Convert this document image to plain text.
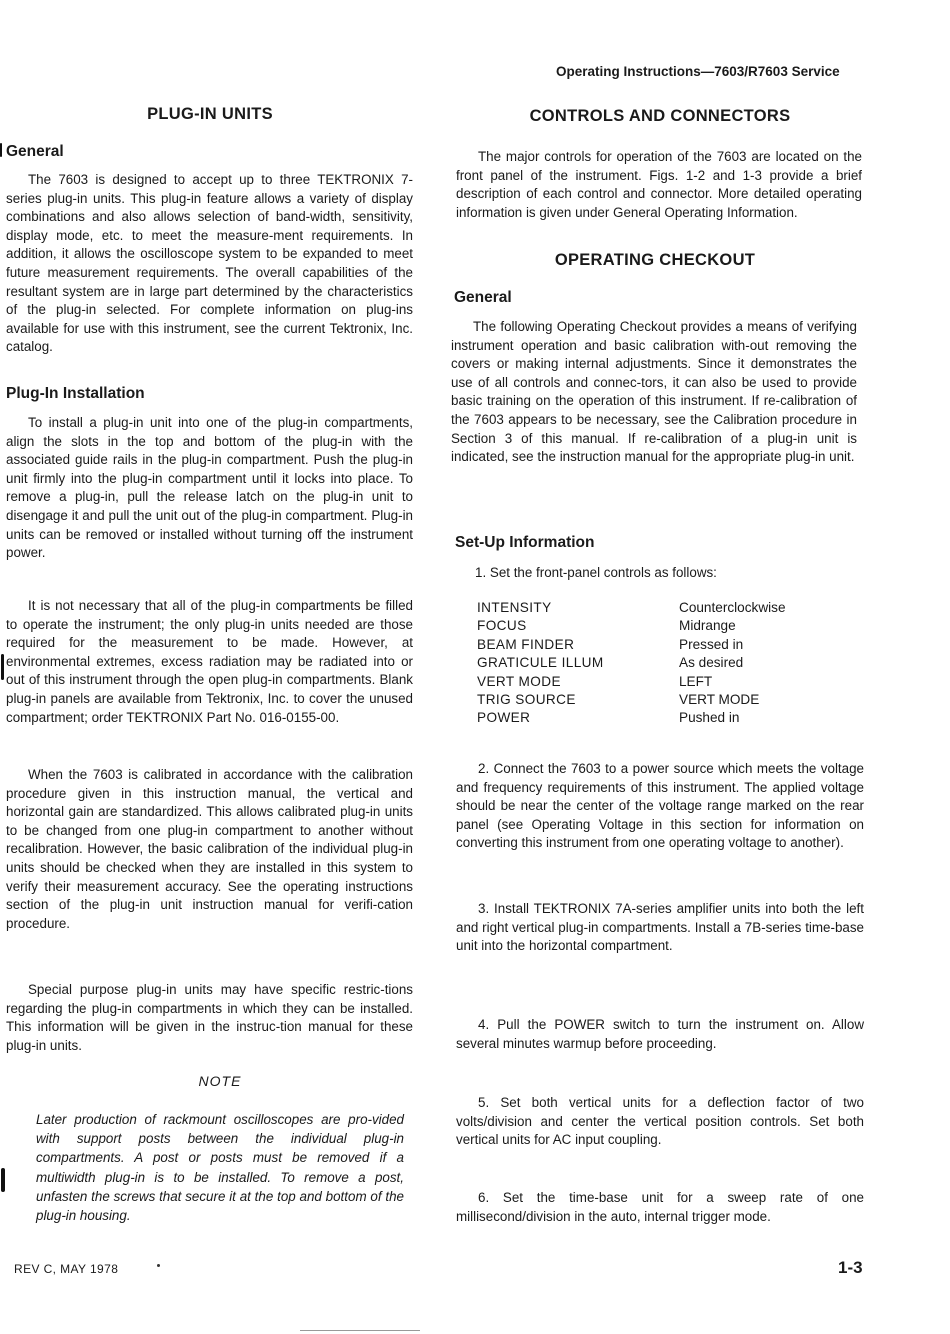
Operating Instructions—7603/R7603 Service
PLUG-IN UNITS
General

The 7603 is designed to accept up to three TEKTRONIX 7-series plug-in units. This plug-in feature allows a variety of display combinations and also allows selection of band-width, sensitivity, display mode, etc. to meet the measure-ment requirements. In addition, it allows the oscilloscope system to be expanded to meet future measurement requirements. The overall capabilities of the resultant system are in large part determined by the characteristics of the plug-in selected. For complete information on plug-ins available for use with this instrument, see the current Tektronix, Inc. catalog.

Plug-In Installation

To install a plug-in unit into one of the plug-in compartments, align the slots in the top and bottom of the plug-in with the associated guide rails in the plug-in compartment. Push the plug-in unit firmly into the plug-in compartment until it locks into place. To remove a plug-in, pull the release latch on the plug-in unit to disengage it and pull the unit out of the plug-in compartment. Plug-in units can be removed or installed without turning off the instrument power.

It is not necessary that all of the plug-in compartments be filled to operate the instrument; the only plug-in units needed are those required for the measurement to be made. However, at environmental extremes, excess radiation may be radiated into or out of this instrument through the open plug-in compartments. Blank plug-in panels are available from Tektronix, Inc. to cover the unused compartment; order TEKTRONIX Part No. 016-0155-00.

When the 7603 is calibrated in accordance with the calibration procedure given in this instruction manual, the vertical and horizontal gain are standardized. This allows calibrated plug-in units to be changed from one plug-in compartment to another without recalibration. However, the basic calibration of the individual plug-in units should be checked when they are installed in this system to verify their measurement accuracy. See the operating instructions section of the plug-in unit instruction manual for verifi-cation procedure.

Special purpose plug-in units may have specific restric-tions regarding the plug-in compartments in which they can be installed. This information will be given in the instruc-tion manual for these plug-in units.

NOTE

Later production of rackmount oscilloscopes are pro-vided with support posts between the individual plug-in compartments. A post or posts must be removed if a multiwidth plug-in is to be installed. To remove a post, unfasten the screws that secure it at the top and bottom of the plug-in housing.

CONTROLS AND CONNECTORS

The major controls for operation of the 7603 are located on the front panel of the instrument. Figs. 1-2 and 1-3 provide a brief description of each control and connector. More detailed operating information is given under General Operating Information.

OPERATING CHECKOUT
General

The following Operating Checkout provides a means of verifying instrument operation and basic calibration with-out removing the covers or making internal adjustments. Since it demonstrates the use of all controls and connec-tors, it can also be used to provide basic training on the operation of this instrument. If re-calibration of the 7603 appears to be necessary, see the Calibration procedure in Section 3 of this manual. If re-calibration of a plug-in unit is indicated, see the instruction manual for the appropriate plug-in unit.

Set-Up Information

1. Set the front-panel controls as follows:

INTENSITY	Counterclockwise
FOCUS	Midrange
BEAM FINDER	Pressed in
GRATICULE ILLUM	As desired
VERT MODE	LEFT
TRIG SOURCE	VERT MODE
POWER	Pushed in

2. Connect the 7603 to a power source which meets the voltage and frequency requirements of this instrument. The applied voltage should be near the center of the voltage range marked on the rear panel (see Operating Voltage in this section for information on converting this instrument from one operating voltage to another).

3. Install TEKTRONIX 7A-series amplifier units into both the left and right vertical plug-in compartments. Install a 7B-series time-base unit into the horizontal compartment.

4. Pull the POWER switch to turn the instrument on. Allow several minutes warmup before proceeding.

5. Set both vertical units for a deflection factor of two volts/division and center the vertical position controls. Set both vertical units for AC input coupling.

6. Set the time-base unit for a sweep rate of one millisecond/division in the auto, internal trigger mode.

REV C, MAY 1978	1-3
